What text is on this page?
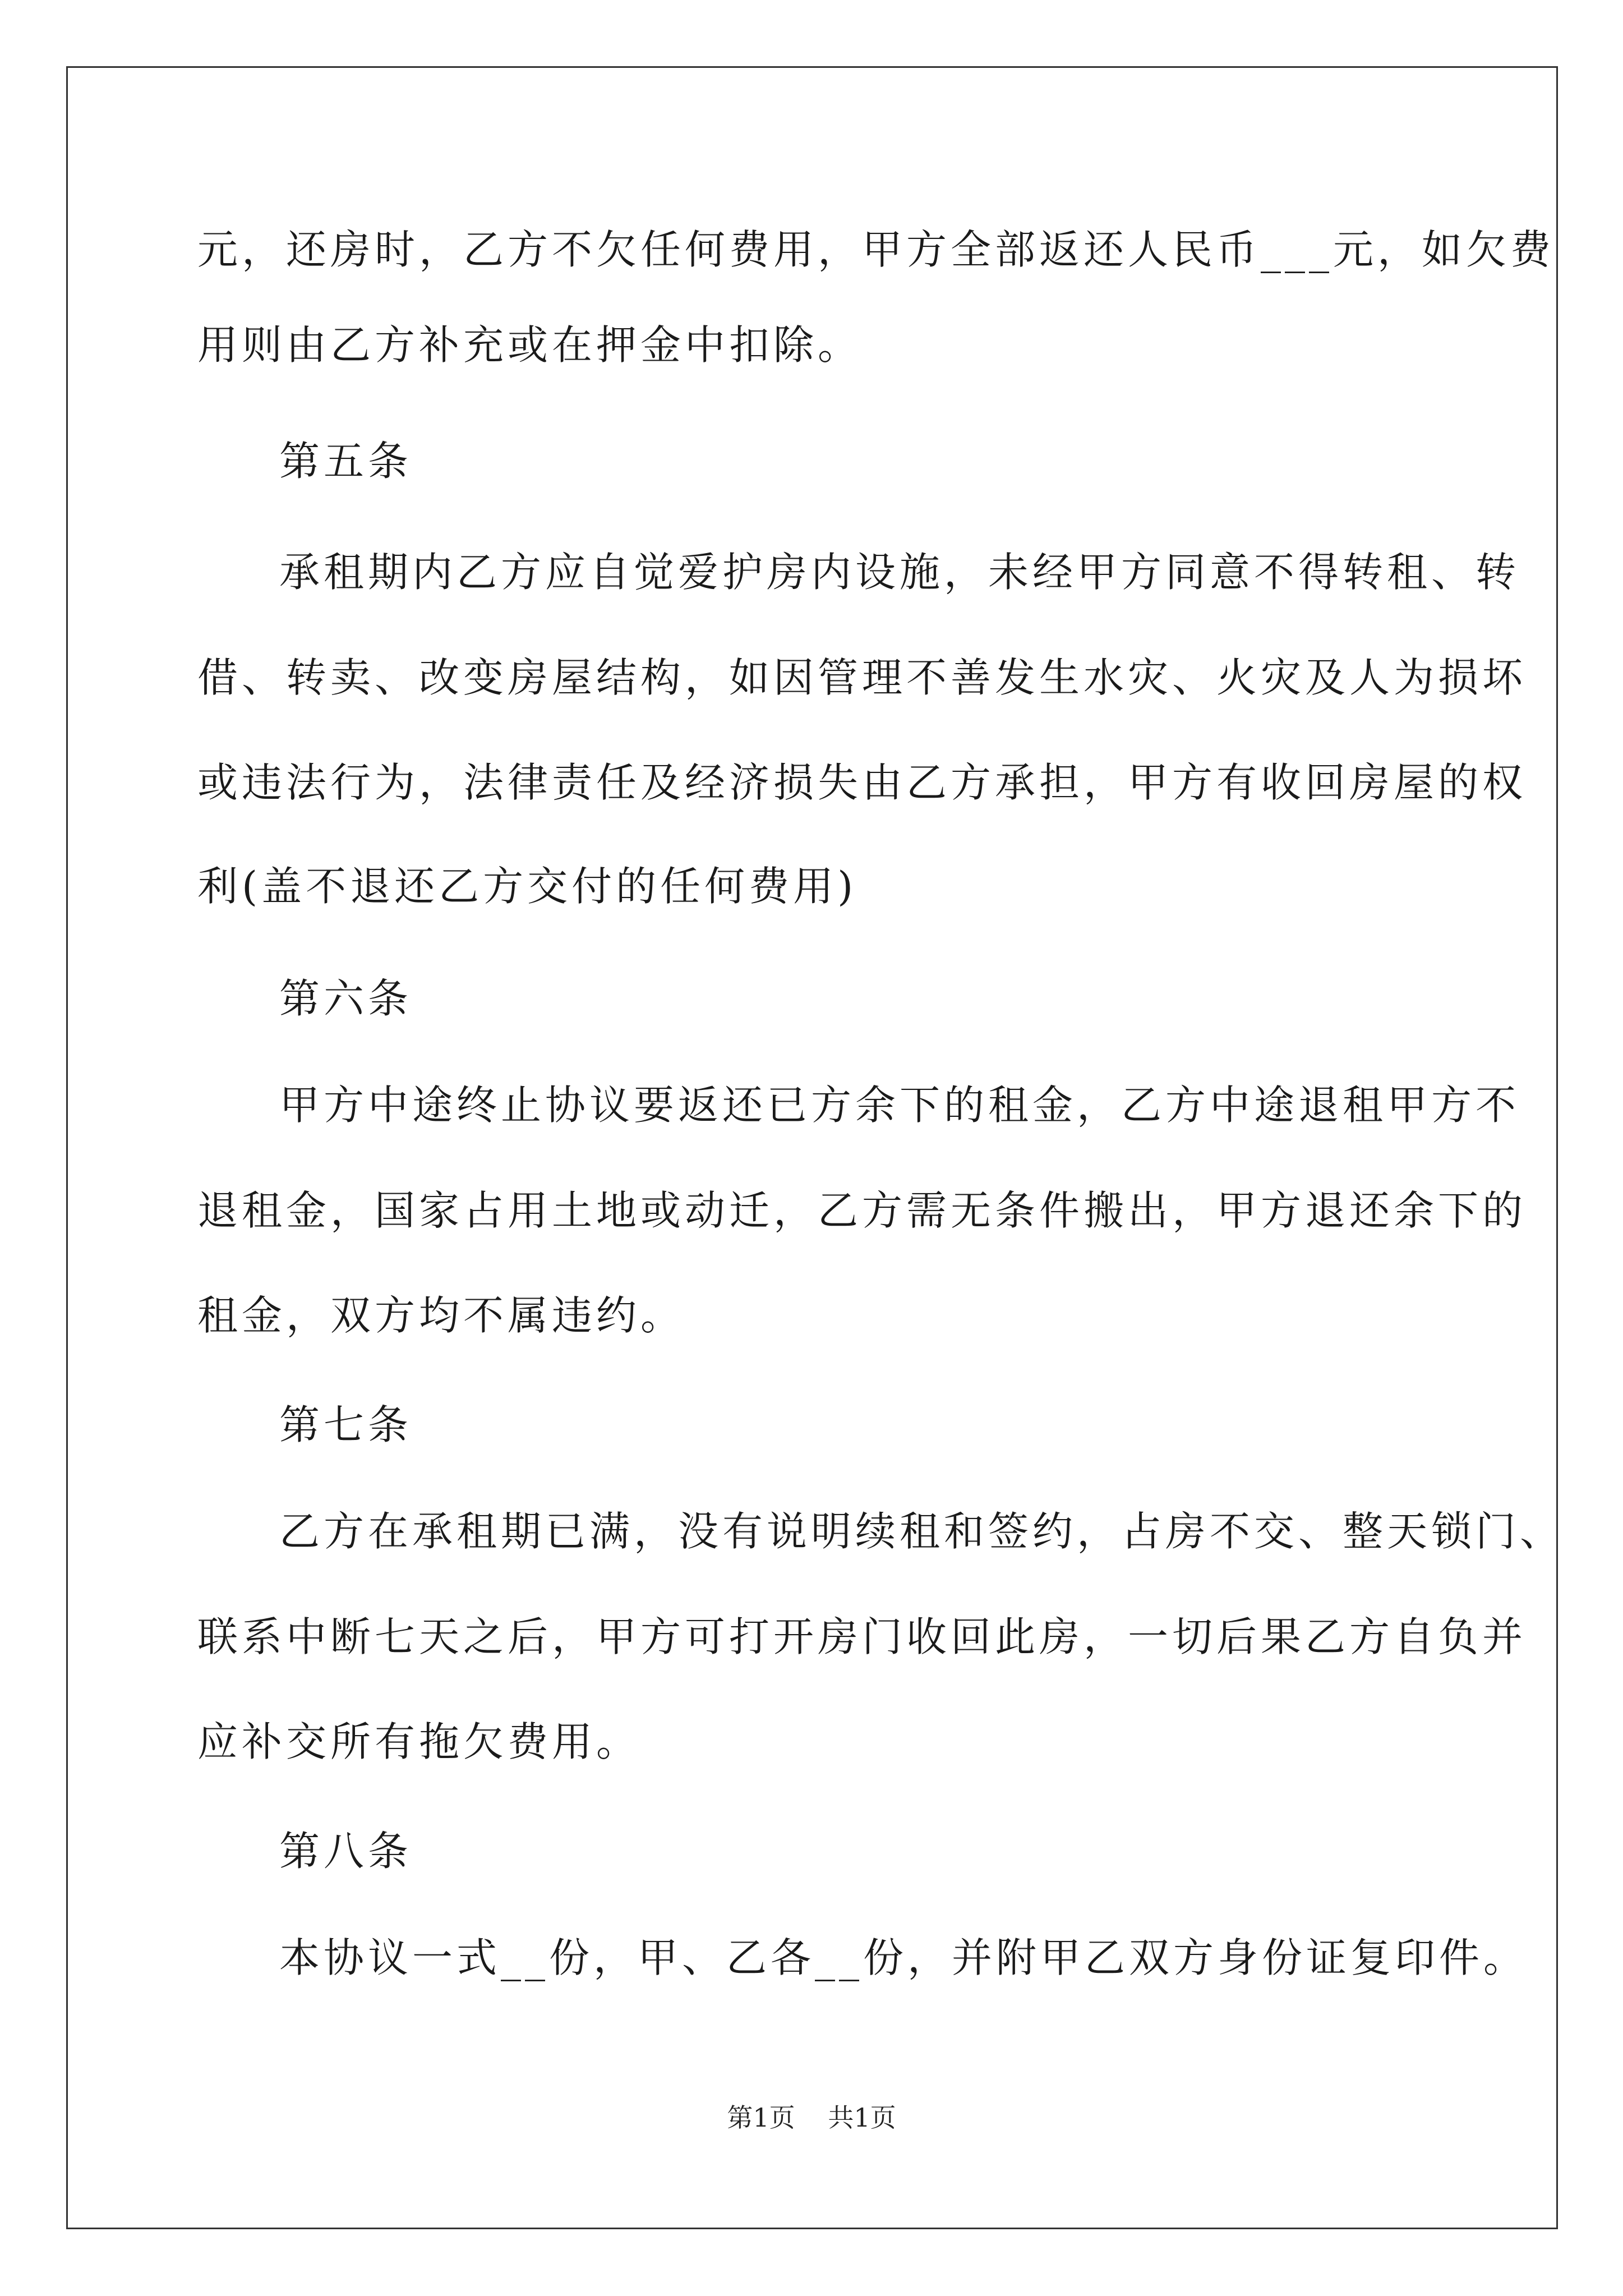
元，还房时，乙方不欠任何费用，甲方全部返还人民币___元，如欠费
用则由乙方补充或在押金中扣除。
第五条
承租期内乙方应自觉爱护房内设施，未经甲方同意不得转租、转
借、转卖、改变房屋结构，如因管理不善发生水灾、火灾及人为损坏
或违法行为，法律责任及经济损失由乙方承担，甲方有收回房屋的权
利(盖不退还乙方交付的任何费用)
第六条
甲方中途终止协议要返还已方余下的租金，乙方中途退租甲方不
退租金，国家占用土地或动迁，乙方需无条件搬出，甲方退还余下的
租金，双方均不属违约。
第七条
乙方在承租期已满，没有说明续租和签约，占房不交、整天锁门、
联系中断七天之后，甲方可打开房门收回此房，一切后果乙方自负并
应补交所有拖欠费用。
第八条
本协议一式__份，甲、乙各__份，并附甲乙双方身份证复印件。
第1页 共1页
